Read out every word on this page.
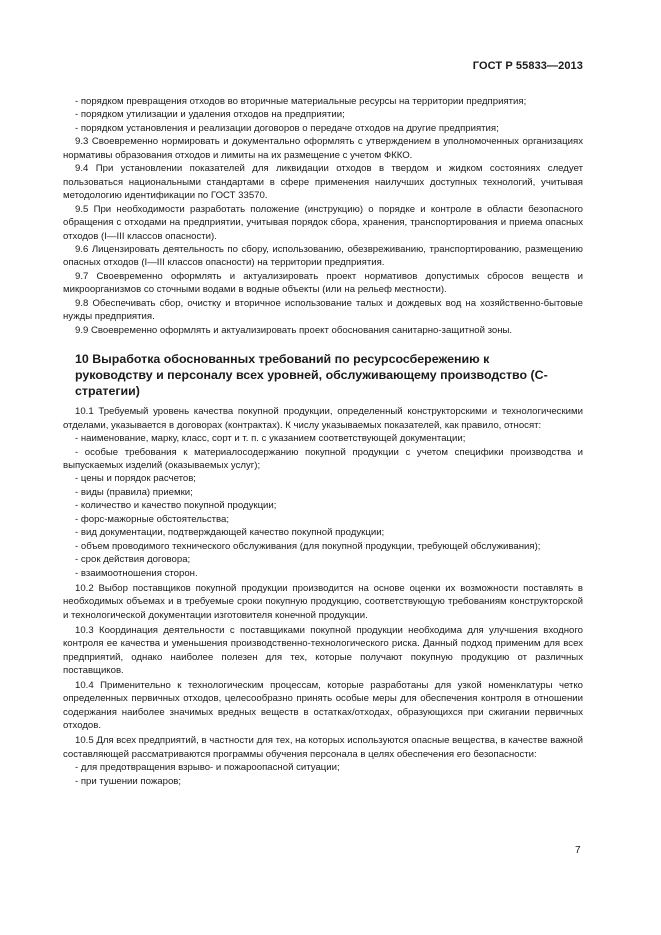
ГОСТ Р 55833—2013

- порядком превращения отходов во вторичные материальные ресурсы на территории предприятия;

- порядком утилизации и удаления отходов на предприятии;

- порядком установления и реализации договоров о передаче отходов на другие предприятия;

9.3 Своевременно нормировать и документально оформлять с утверждением в уполномоченных организациях нормативы образования отходов и лимиты на их размещение с учетом ФККО.

9.4 При установлении показателей для ликвидации отходов в твердом и жидком состояниях следует пользоваться национальными стандартами в сфере применения наилучших доступных технологий, учитывая методологию идентификации по ГОСТ 33570.

9.5 При необходимости разработать положение (инструкцию) о порядке и контроле в области безопасного обращения с отходами на предприятии, учитывая порядок сбора, хранения, транспортирования и приема опасных отходов (I—III классов опасности).

9.6 Лицензировать деятельность по сбору, использованию, обезвреживанию, транспортированию, размещению опасных отходов (I—III классов опасности) на территории предприятия.

9.7 Своевременно оформлять и актуализировать проект нормативов допустимых сбросов веществ и микроорганизмов со сточными водами в водные объекты (или на рельеф местности).

9.8 Обеспечивать сбор, очистку и вторичное использование талых и дождевых вод на хозяйственно-бытовые нужды предприятия.

9.9 Своевременно оформлять и актуализировать проект обоснования санитарно-защитной зоны.

10 Выработка обоснованных требований по ресурсосбережению к руководству и персоналу всех уровней, обслуживающему производство (С-стратегии)

10.1 Требуемый уровень качества покупной продукции, определенный конструкторскими и технологическими отделами, указывается в договорах (контрактах). К числу указываемых показателей, как правило, относят:

- наименование, марку, класс, сорт и т. п. с указанием соответствующей документации;

- особые требования к материалосодержанию покупной продукции с учетом специфики производства и выпускаемых изделий (оказываемых услуг);

- цены и порядок расчетов;

- виды (правила) приемки;

- количество и качество покупной продукции;

- форс-мажорные обстоятельства;

- вид документации, подтверждающей качество покупной продукции;

- объем проводимого технического обслуживания (для покупной продукции, требующей обслуживания);

- срок действия договора;

- взаимоотношения сторон.

10.2 Выбор поставщиков покупной продукции производится на основе оценки их возможности поставлять в необходимых объемах и в требуемые сроки покупную продукцию, соответствующую требованиям конструкторской и технологической документации изготовителя конечной продукции.

10.3 Координация деятельности с поставщиками покупной продукции необходима для улучшения входного контроля ее качества и уменьшения производственно-технологического риска. Данный подход применим для всех предприятий, однако наиболее полезен для тех, которые получают покупную продукцию от различных поставщиков.

10.4 Применительно к технологическим процессам, которые разработаны для узкой номенклатуры четко определенных первичных отходов, целесообразно принять особые меры для обеспечения контроля в отношении содержания наиболее значимых вредных веществ в остатках/отходах, образующихся при сжигании первичных отходов.

10.5 Для всех предприятий, в частности для тех, на которых используются опасные вещества, в качестве важной составляющей рассматриваются программы обучения персонала в целях обеспечения его безопасности:

- для предотвращения взрыво- и пожароопасной ситуации;

- при тушении пожаров;

7
